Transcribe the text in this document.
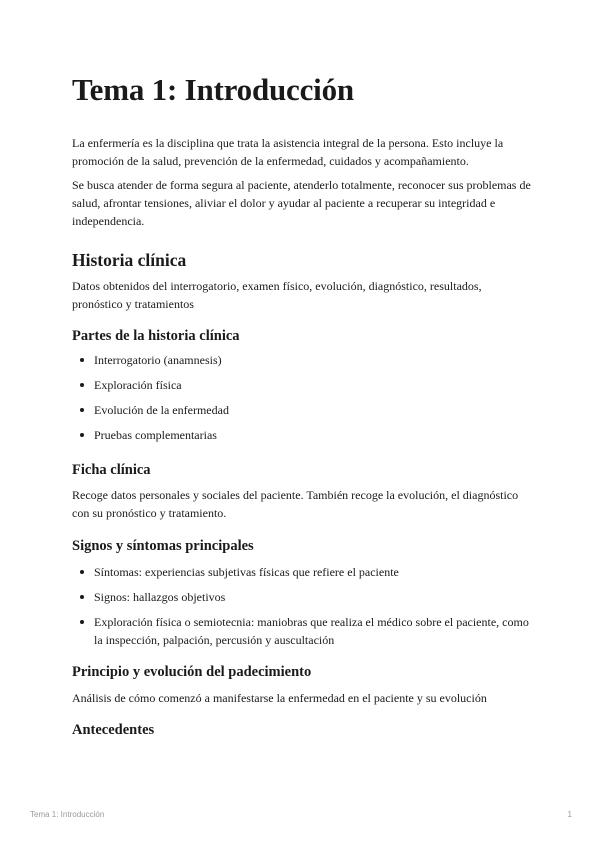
Tema 1: Introducción

La enfermería es la disciplina que trata la asistencia integral de la persona. Esto incluye la promoción de la salud, prevención de la enfermedad, cuidados y acompañamiento.

Se busca atender de forma segura al paciente, atenderlo totalmente, reconocer sus problemas de salud, afrontar tensiones, aliviar el dolor y ayudar al paciente a recuperar su integridad e independencia.

Historia clínica

Datos obtenidos del interrogatorio, examen físico, evolución, diagnóstico, resultados, pronóstico y tratamientos

Partes de la historia clínica
Interrogatorio (anamnesis)
Exploración física
Evolución de la enfermedad
Pruebas complementarias
Ficha clínica

Recoge datos personales y sociales del paciente. También recoge la evolución, el diagnóstico con su pronóstico y tratamiento.

Signos y síntomas principales
Síntomas: experiencias subjetivas físicas que refiere el paciente
Signos: hallazgos objetivos
Exploración física o semiotecnia: maniobras que realiza el médico sobre el paciente, como la inspección, palpación, percusión y auscultación
Principio y evolución del padecimiento

Análisis de cómo comenzó a manifestarse la enfermedad en el paciente y su evolución

Antecedentes
Tema 1: Introducción	1
